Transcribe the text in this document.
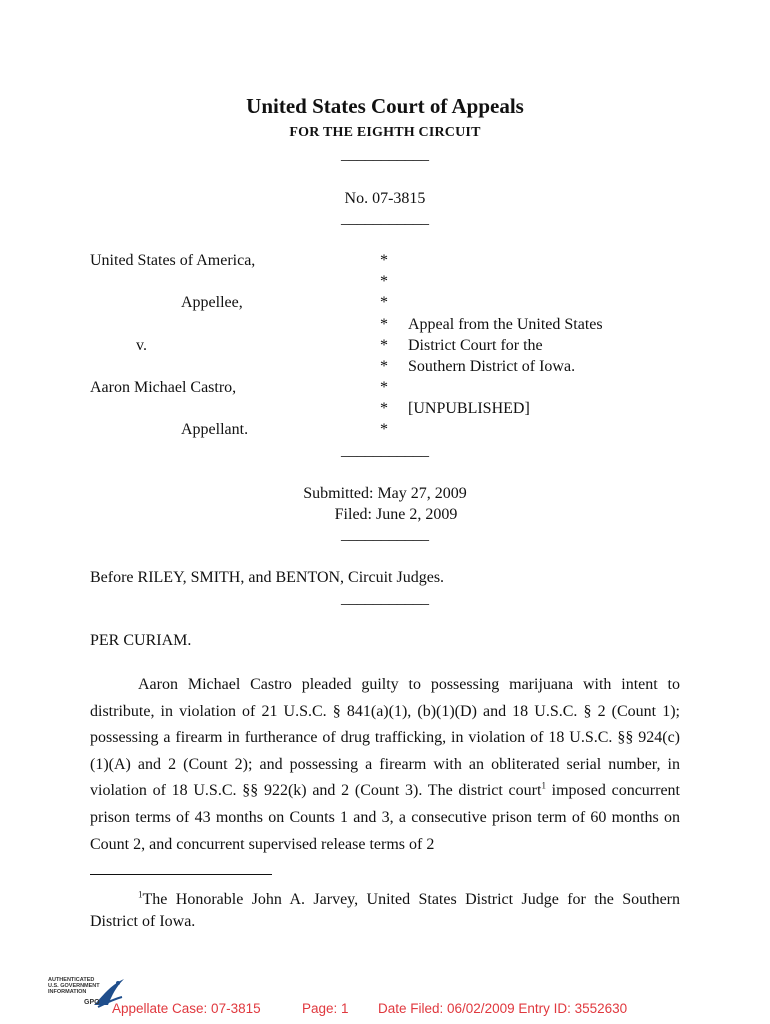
United States Court of Appeals
FOR THE EIGHTH CIRCUIT
___________
No. 07-3815
___________
United States of America,
Appellee,
v.
Aaron Michael Castro,
Appellant.
*
*
*
*
*
*
*
*
*
Appeal from the United States
District Court for the
Southern District of Iowa.
[UNPUBLISHED]
___________
Submitted: May 27, 2009
Filed: June 2, 2009
___________
Before RILEY, SMITH, and BENTON, Circuit Judges.
___________
PER CURIAM.

Aaron Michael Castro pleaded guilty to possessing marijuana with intent to distribute, in violation of 21 U.S.C. § 841(a)(1), (b)(1)(D) and 18 U.S.C. § 2 (Count 1); possessing a firearm in furtherance of drug trafficking, in violation of 18 U.S.C. §§ 924(c)(1)(A) and 2 (Count 2); and possessing a firearm with an obliterated serial number, in violation of 18 U.S.C. §§ 922(k) and 2 (Count 3). The district court$^1$ imposed concurrent prison terms of 43 months on Counts 1 and 3, a consecutive prison term of 60 months on Count 2, and concurrent supervised release terms of 2

$^1$The Honorable John A. Jarvey, United States District Judge for the Southern District of Iowa.
AUTHENTICATED
U.S. GOVERNMENT
INFORMATION
GPO Appellate Case: 07-3815	Page: 1 Date Filed: 06/02/2009 Entry ID: 3552630
